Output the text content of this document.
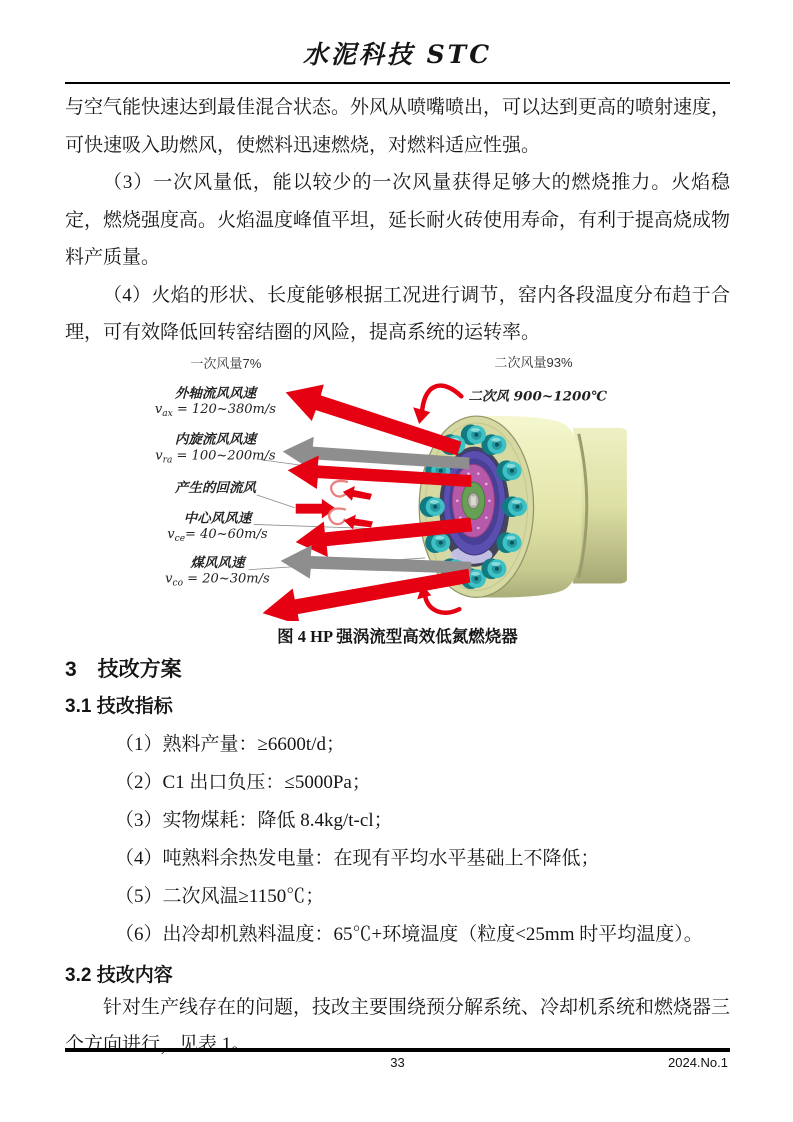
水泥科技 STC

与空气能快速达到最佳混合状态。外风从喷嘴喷出，可以达到更高的喷射速度，可快速吸入助燃风，使燃料迅速燃烧，对燃料适应性强。

（3）一次风量低，能以较少的一次风量获得足够大的燃烧推力。火焰稳定，燃烧强度高。火焰温度峰值平坦，延长耐火砖使用寿命，有利于提高烧成物料产质量。

（4）火焰的形状、长度能够根据工况进行调节，窑内各段温度分布趋于合理，可有效降低回转窑结圈的风险，提高系统的运转率。

一次风量7%	二次风量93%
二次风 900~1200℃
外轴流风风速
$v_{ax}$ = 120~380m/s
内旋流风风速
$v_{ra}$ = 100~200m/s
产生的回流风
中心风风速
$v_{ce}=$ 40~60m/s
煤风风速
$v_{co}$ = 20~30m/s

图 4 HP 强涡流型高效低氮燃烧器

3　技改方案
3.1 技改指标
（1）熟料产量：≥6600t/d；
（2）C1 出口负压：≤5000Pa；
（3）实物煤耗：降低 8.4kg/t-cl；
（4）吨熟料余热发电量：在现有平均水平基础上不降低；
（5）二次风温≥1150℃；
（6）出冷却机熟料温度：65℃+环境温度（粒度<25mm 时平均温度）。
3.2 技改内容

针对生产线存在的问题，技改主要围绕预分解系统、冷却机系统和燃烧器三个方向进行，见表 1。

33	2024.No.1
